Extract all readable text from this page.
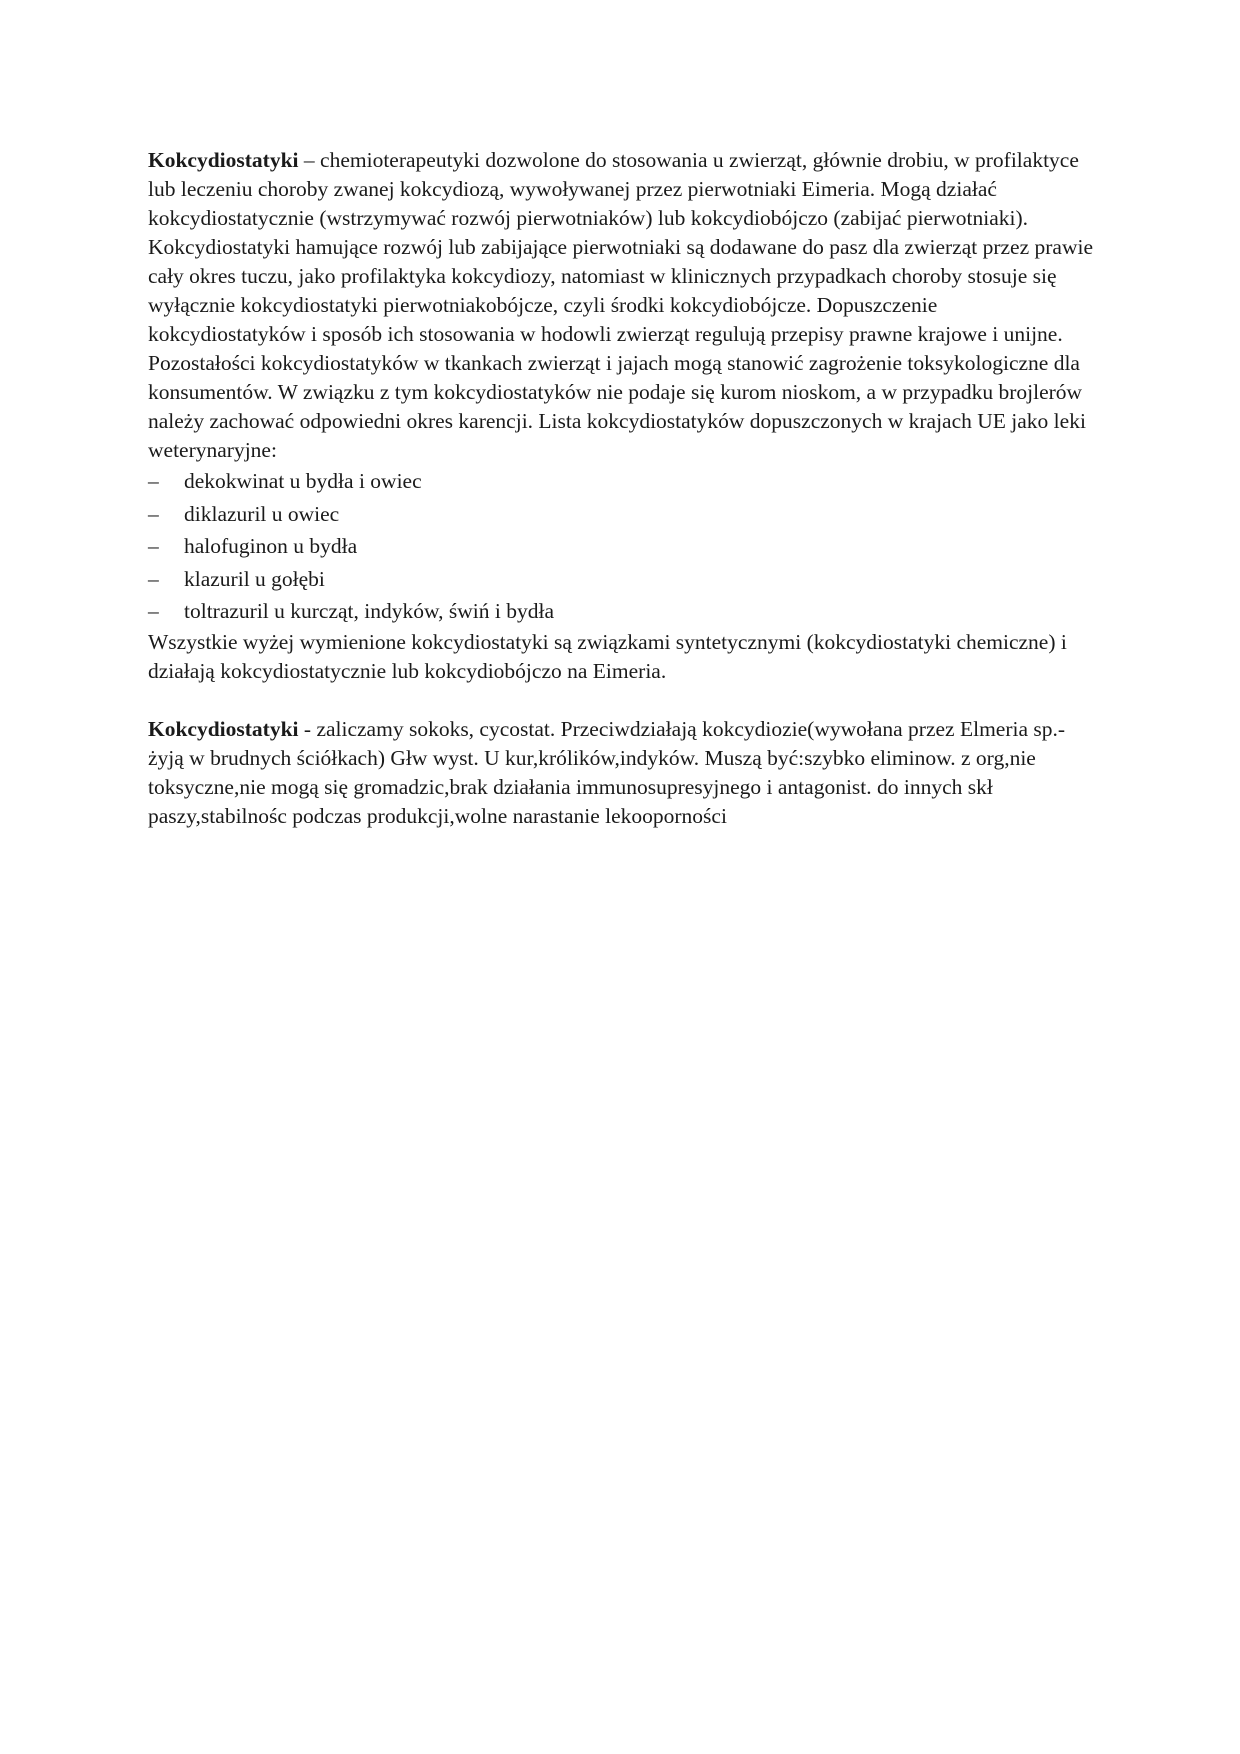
Kokcydiostatyki – chemioterapeutyki dozwolone do stosowania u zwierząt, głównie drobiu, w profilaktyce lub leczeniu choroby zwanej kokcydiozą, wywoływanej przez pierwotniaki Eimeria. Mogą działać kokcydiostatycznie (wstrzymywać rozwój pierwotniaków) lub kokcydiobójczo (zabijać pierwotniaki). Kokcydiostatyki hamujące rozwój lub zabijające pierwotniaki są dodawane do pasz dla zwierząt przez prawie cały okres tuczu, jako profilaktyka kokcydiozy, natomiast w klinicznych przypadkach choroby stosuje się wyłącznie kokcydiostatyki pierwotniakobójcze, czyli środki kokcydiobójcze. Dopuszczenie kokcydiostatyków i sposób ich stosowania w hodowli zwierząt regulują przepisy prawne krajowe i unijne. Pozostałości kokcydiostatyków w tkankach zwierząt i jajach mogą stanowić zagrożenie toksykologiczne dla konsumentów. W związku z tym kokcydiostatyków nie podaje się kurom nioskom, a w przypadku brojlerów należy zachować odpowiedni okres karencji. Lista kokcydiostatyków dopuszczonych w krajach UE jako leki weterynaryjne:

– dekokwinat u bydła i owiec
– diklazuril u owiec
– halofuginon u bydła
– klazuril u gołębi
– toltrazuril u kurcząt, indyków, świń i bydła

Wszystkie wyżej wymienione kokcydiostatyki są związkami syntetycznymi (kokcydiostatyki chemiczne) i działają kokcydiostatycznie lub kokcydiobójczo na Eimeria.

Kokcydiostatyki - zaliczamy sokoks, cycostat. Przeciwdziałają kokcydiozie(wywołana przez Elmeria sp.-żyją w brudnych ściółkach) Głw wyst. U kur,królików,indyków. Muszą być:szybko eliminow. z org,nie toksyczne,nie mogą się gromadzic,brak działania immunosupresyjnego i antagonist. do innych skł paszy,stabilnośc podczas produkcji,wolne narastanie lekooporności
